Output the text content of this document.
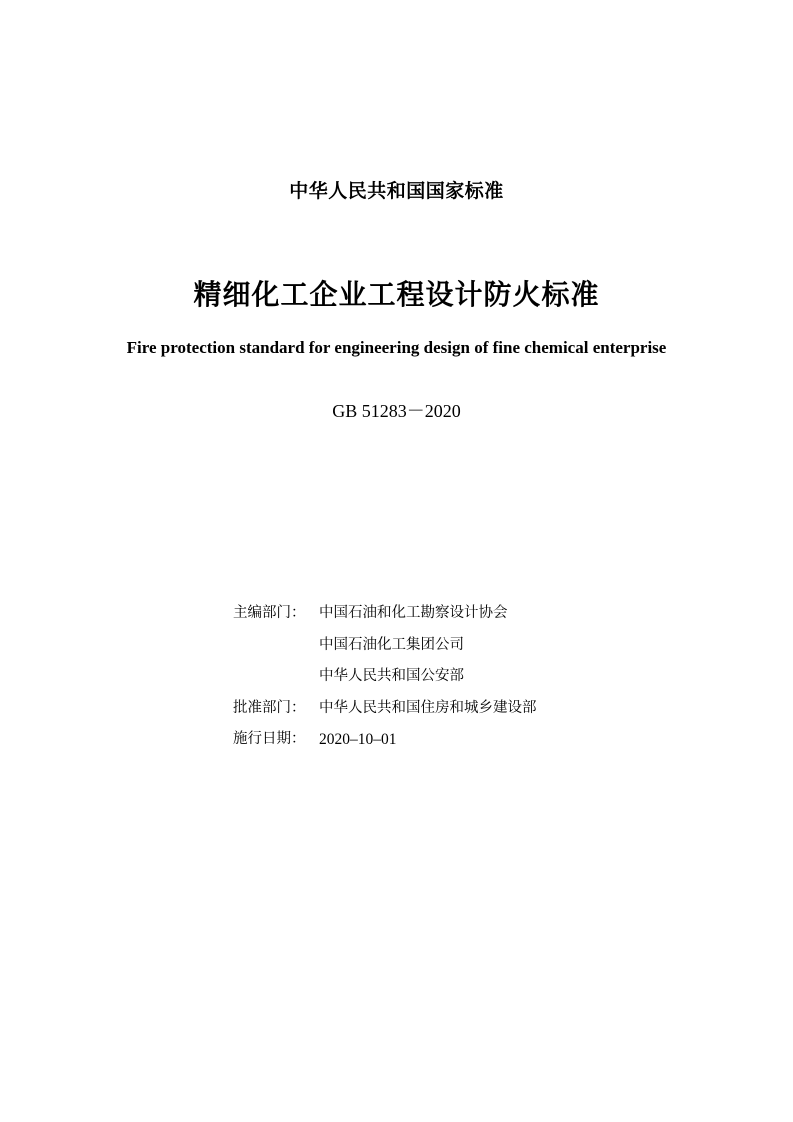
中华人民共和国国家标准
精细化工企业工程设计防火标准
Fire protection standard for engineering design of fine chemical enterprise
GB 51283－2020
主编部门： 中国石油和化工勘察设计协会
中国石油化工集团公司
中华人民共和国公安部
批准部门： 中华人民共和国住房和城乡建设部
施行日期： 2020–10–01
